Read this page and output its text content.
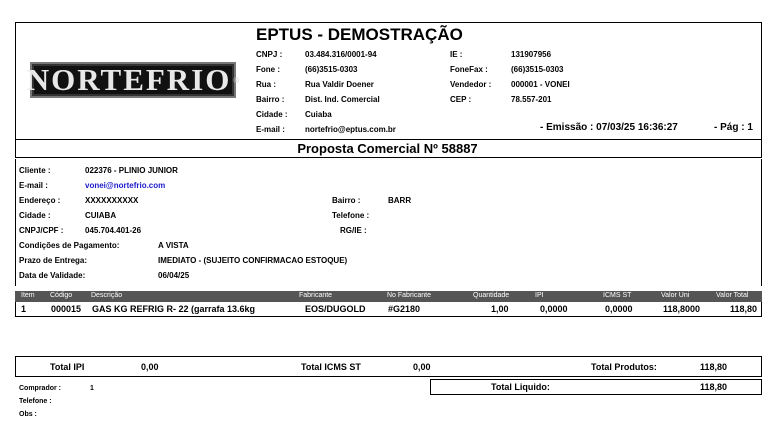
NORTEFRIO ®
EPTUS - DEMOSTRAÇÃO
CNPJ :	03.484.316/0001-94
Fone :	(66)3515-0303
Rua :	Rua Valdir Doener
Bairro :	Dist. Ind. Comercial
Cidade : Cuiaba
E-mail :	nortefrio@eptus.com.br
IE :	131907956
FoneFax :	(66)3515-0303
Vendedor : 000001 - VONEI
CEP :	78.557-201
- Emissão : 07/03/25 16:36:27	- Pág : 1
Proposta Comercial Nº 58887
Cliente :	022376 - PLINIO JUNIOR
E-mail :	vonei@nortefrio.com
Endereço :	XXXXXXXXXX	Bairro :	BARR
Cidade :	CUIABA	Telefone :
CNPJ/CPF :	045.704.401-26	RG/IE :
Condições de Pagamento:	A VISTA
Prazo de Entrega:	IMEDIATO - (SUJEITO CONFIRMACAO ESTOQUE)
Data de Validade:	06/04/25
Item Código	Descrição	Fabricante	No Fabricante	Quantidade	IPI	ICMS ST	Valor Uni	Valor Total
1	000015 GAS KG REFRIG R- 22 (garrafa 13.6kg	EOS/DUGOLD #G2180	1,00	0,0000	0,0000	118,8000	118,80
Total IPI	0,00	Total ICMS ST	0,00	Total Produtos:	118,80
Total Liquido:	118,80
Comprador :	1
Telefone :
Obs :
